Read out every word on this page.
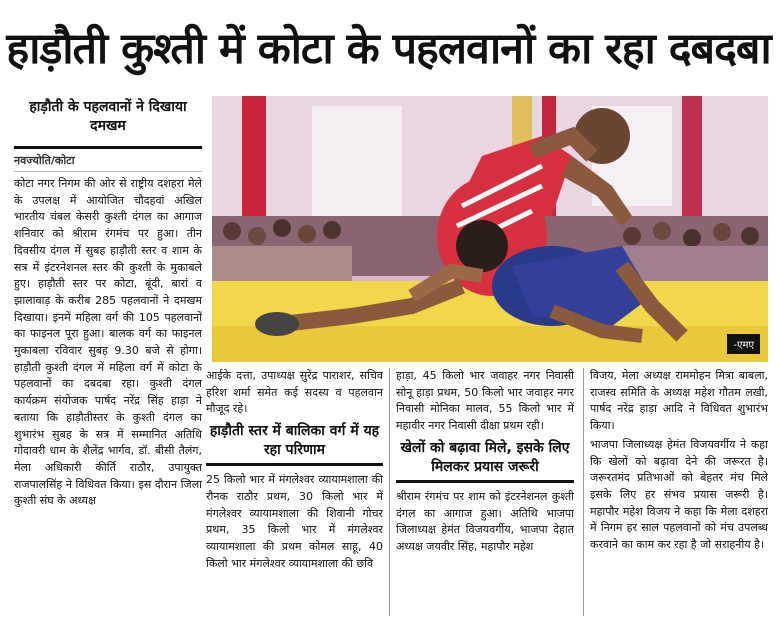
हाड़ौती कुश्ती में कोटा के पहलवानों का रहा दबदबा
हाड़ौती के पहलवानों ने दिखाया दमखम
नवज्योति/कोटा

कोटा नगर निगम की ओर से राष्ट्रीय दशहरा मेले के उपलक्ष में आयोजित चौदहवां अखिल भारतीय चंबल केसरी कुश्ती दंगल का आगाज शनिवार को श्रीराम रंगमंच पर हुआ। तीन दिवसीय दंगल में सुबह हाड़ौती स्तर व शाम के सत्र में इंटरनेशनल स्तर की कुश्ती के मुकाबले हुए। हाड़ौती स्तर पर कोटा, बूंदी, बारां व झालावाड़ के करीब 285 पहलवानों ने दमखम दिखाया। इनमें महिला वर्ग की 105 पहलवानों का फाइनल पूरा हुआ। बालक वर्ग का फाइनल मुकाबला रविवार सुबह 9.30 बजे से होगा। हाड़ौती कुश्ती दंगल में महिला वर्ग में कोटा के पहलवानों का दबदबा रहा। कुश्ती दंगल कार्यक्रम संयोजक पार्षद नरेंद्र सिंह हाड़ा ने बताया कि हाड़ौतीस्तर के कुश्ती दंगल का शुभारंभ सुबह के सत्र में सम्मानित अतिथि गोदावरी धाम के शैलेंद्र भार्गव, डॉ. बीसी तैलंग, मेला अधिकारी कीर्ति राठौर, उपायुक्त राजपालसिंह ने विधिवत किया। इस दौरान जिला कुश्ती संघ के अध्यक्ष

-एमए

आईके दत्ता, उपाध्यक्ष सुरेंद्र पाराशर, सचिव हरिश शर्मा समेत कई सदस्य व पहलवान मौजूद रहे।

हाड़ौती स्तर में बालिका वर्ग में यह रहा परिणाम

25 किलो भार में मंगलेश्वर व्यायामशाला की रौनक राठौर प्रथम, 30 किलो भार में मंगलेश्वर व्यायामशाला की शिवानी गोचर प्रथम, 35 किलो भार में मंगलेश्वर व्यायामशाला की प्रथम कोमल साहू, 40 किलो भार मंगलेश्वर व्यायामशाला की छवि

हाड़ा, 45 किलो भार जवाहर नगर निवासी सोनू हाड़ा प्रथम, 50 किलो भार जवाहर नगर निवासी मोनिका मालव, 55 किलो भार में महावीर नगर निवासी दीक्षा प्रथम रही।

खेलों को बढ़ावा मिले, इसके लिए मिलकर प्रयास जरूरी

श्रीराम रंगमंच पर शाम को इंटरनेशनल कुश्ती दंगल का आगाज हुआ। अतिथि भाजपा जिलाध्यक्ष हेमंत विजयवर्गीय, भाजपा देहात अध्यक्ष जयवीर सिंह, महापौर महेश

विजय, मेला अध्यक्ष राममोहन मित्रा बाबला, राजस्व समिति के अध्यक्ष महेश गौतम लखी, पार्षद नरेंद्र हाड़ा आदि ने विधिवत शुभारंभ किया।

भाजपा जिलाध्यक्ष हेमंत विजयवर्गीय ने कहा कि खेलों को बढ़ावा देने की जरूरत है। जरूरतमंद प्रतिभाओं को बेहतर मंच मिले इसके लिए हर संभव प्रयास जरूरी है। महापौर महेश विजय ने कहा कि मेला दशहरा में निगम हर साल पहलवानों को मंच उपलब्ध करवाने का काम कर रहा है जो सराहनीय है।
